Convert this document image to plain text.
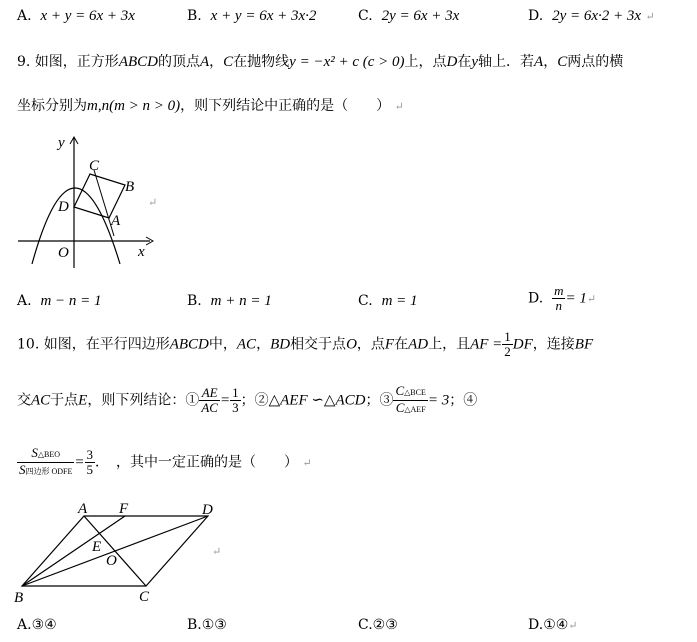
A. x + y = 6x + 3x	B. x + y = 6x + 3x·2	C. 2y = 6x + 3x	D. 2y = 6x·2 + 3x ↵
9. 如图，正方形ABCD的顶点A，C在抛物线y = −x² + c (c > 0)上，点D在y轴上．若A，C两点的横
坐标分别为m,n(m > n > 0)，则下列结论中正确的是（　　） ↵
y
C
B
D
A
O	x
↵
A. m − n = 1	B. m + n = 1	C. m = 1	D. $\frac{m}{n}$ = 1↵
10. 如图，在平行四边形ABCD中，AC，BD相交于点O，点F在AD上，且AF = $\frac{1}{2}$ DF，连接BF
交AC于点E，则下列结论：① $\frac{AE}{AC} = \frac{1}{3}$ ；②△AEF ∽△ACD；③ $\frac{\text{C△BCE}}{\text{C△AEF}} = 3$；④
$\frac{\text{S△BEO}}{\text{S四边形 ODFE}} = \frac{3}{5}$ ．　，其中一定正确的是（　　） ↵
A F	D
E
O
B	C
↵
A.③④	B.①③	C.②③	D.①④↵
